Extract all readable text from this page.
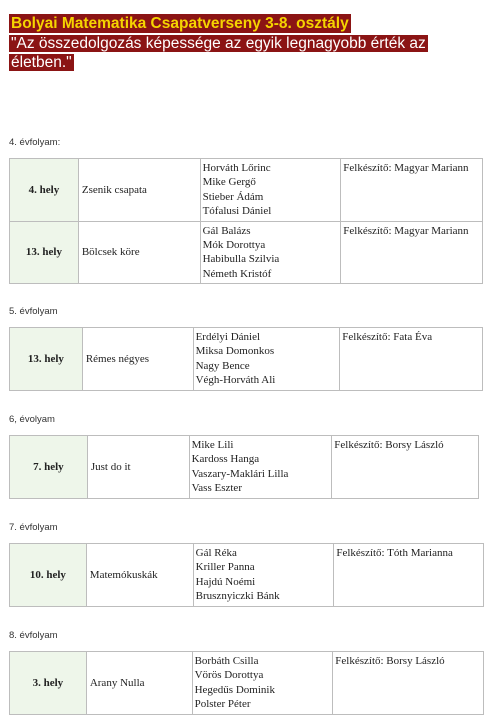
Bolyai Matematika Csapatverseny 3-8. osztály
"Az összedolgozás képessége az egyik legnagyobb érték az életben."
4. évfolyam:
4. hely	Zsenik csapata	Horváth Lőrinc
Mike Gergő
Stieber Ádám
Tófalusi Dániel	Felkészítő: Magyar Mariann
13. hely	Bölcsek köre	Gál Balázs
Mók Dorottya
Habibulla Szilvia
Németh Kristóf	Felkészítő: Magyar Mariann
5. évfolyam
13. hely	Rémes négyes	
Erdélyi Dániel
Miksa Domonkos
Nagy Bence
Végh-Horváth Ali
	Felkészítő: Fata Éva
6, évolyam
7. hely	Just do it	
Mike Lili
Kardoss Hanga
Vaszary-Maklári Lilla
Vass Eszter
	Felkészítő: Borsy László
7. évfolyam
10. hely	Matemókuskák	
Gál Réka
Kriller Panna
Hajdú Noémi
Brusznyiczki Bánk
	Felkészítő: Tóth Marianna
8. évfolyam
3. hely	Arany Nulla	
Borbáth Csilla
Vörös Dorottya
Hegedűs Dominik
Polster Péter
	Felkészítő: Borsy László
